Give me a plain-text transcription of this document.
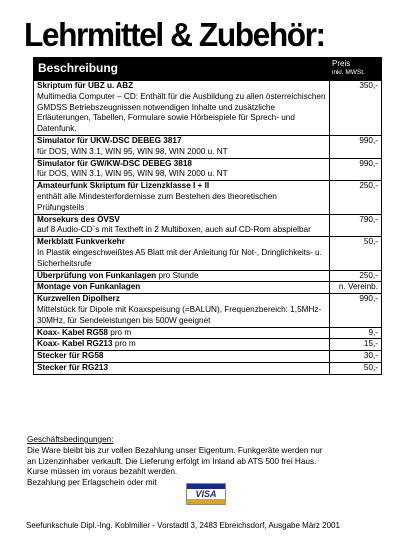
Lehrmittel & Zubehör:
Beschreibung	Preis
inkl. MWSt.

Skriptum für UBZ u. ABZ
Multimedia Computer – CD: Enthält für die Ausbildung zu allen österreichischen GMDSS Betriebszeugnissen notwendigen Inhalte und zusätzliche Erläuterungen, Tabellen, Formulare sowie Hörbeispiele für Sprech- und Datenfunk.	350,-
Simulator für UKW-DSC DEBEG 3817
für DOS, WIN 3.1, WIN 95, WIN 98, WIN 2000 u. NT	990,-
Simulator für GW/KW-DSC DEBEG 3818
für DOS, WIN 3.1, WIN 95, WIN 98, WIN 2000 u. NT	990,-
Amateurfunk Skriptum für Lizenzklasse I + II
enthält alle Mindesterfordernisse zum Bestehen des theoretischen Prüfungsteils	250,-
Morsekurs des ÖVSV
auf 8 Audio-CD`s mit Textheft in 2 Multiboxen, auch auf CD-Rom abspielbar	790,-
Merkblatt Funkverkehr
In Plastik eingeschweißtes A5 Blatt mit der Anleitung für Not-, Dringlichkeits- u. Sicherheitsrufe	50,-
Überprüfung von Funkanlagen pro Stunde	250,-
Montage von Funkanlagen	n. Vereinb.
Kurzwellen Dipolherz
Mittelstück für Dipole mit Koaxspeisung (=BALUN), Frequenzbereich: 1,5MHz-30MHz, für Sendeleistungen bis 500W geeignet	990,-
Koax- Kabel RG58 pro m	9,-
Koax- Kabel RG213 pro m	15,-
Stecker für RG58	30,-
Stecker für RG213	50,-
Geschäftsbedingungen:
Die Ware bleibt bis zur vollen Bezahlung unser Eigentum. Funkgeräte werden nur
an Lizenzinhaber verkauft. Die Lieferung erfolgt im Inland ab ATS 500 frei Haus.
Kurse müssen im voraus bezahlt werden.
Bezahlung per Erlagschein oder mit
VISA
Seefunkschule Dipl.-Ing. Koblmiller - Vorstadtl 3, 2483 Ebreichsdorf, Ausgabe März 2001
